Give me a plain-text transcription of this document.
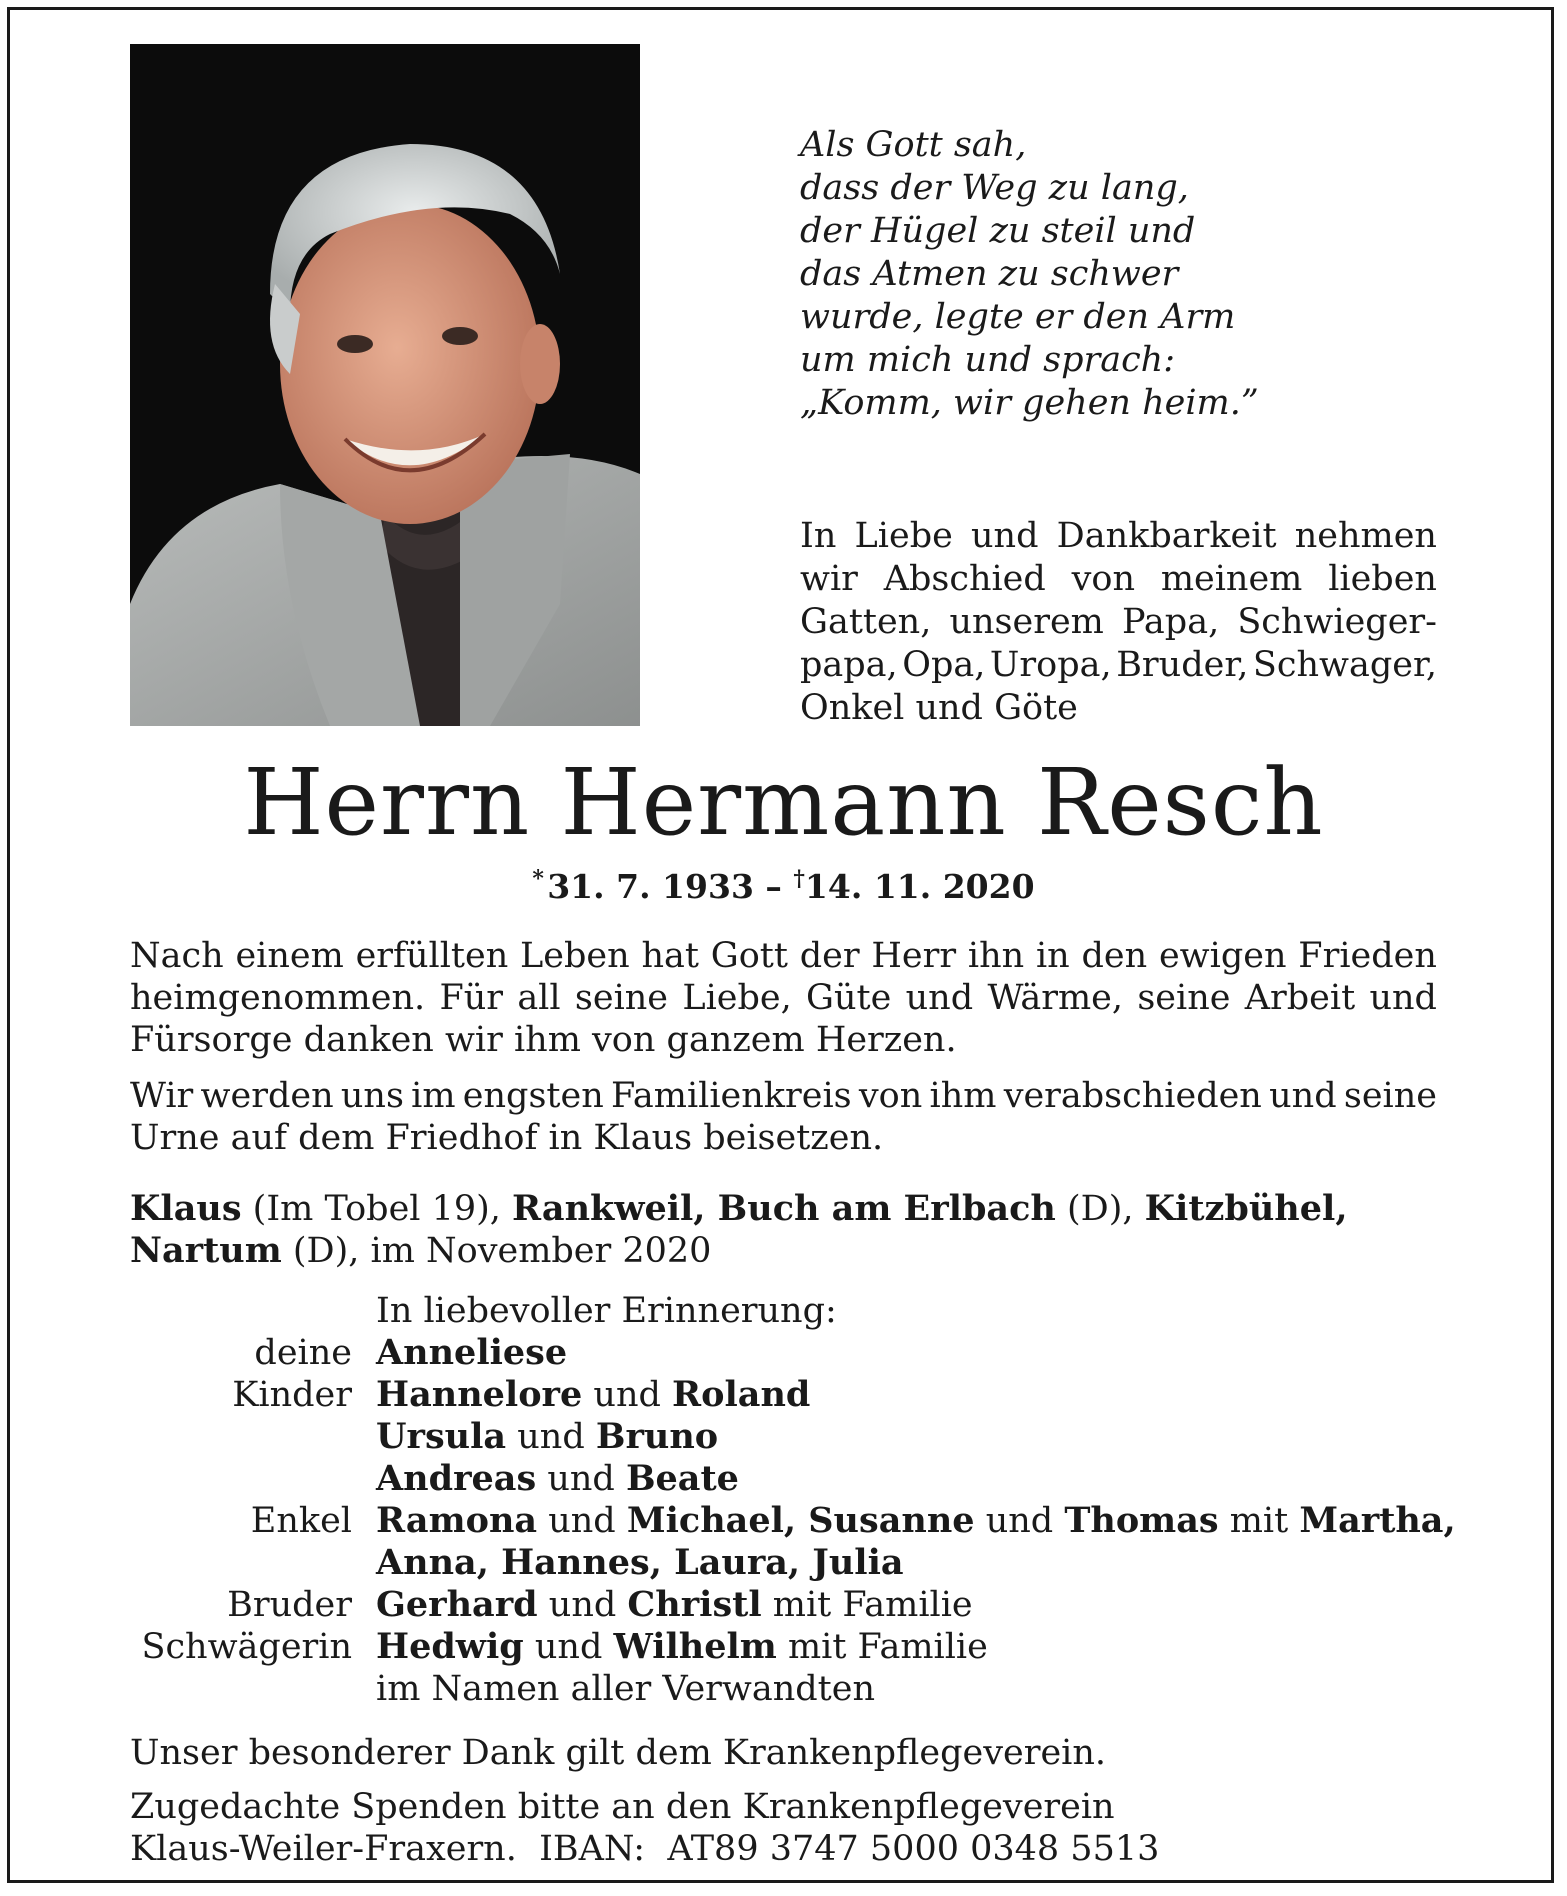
Als Gott sah,
dass der Weg zu lang,
der Hügel zu steil und
das Atmen zu schwer
wurde, legte er den Arm
um mich und sprach:
„Komm, wir gehen heim.”
In Liebe und Dankbarkeit nehmen
wir Abschied von meinem lieben
Gatten, unserem Papa, Schwieger-
papa, Opa, Uropa, Bruder, Schwager,
Onkel und Göte
Herrn Hermann Resch
* 31. 7. 1933 – †14. 11. 2020
Nach einem erfüllten Leben hat Gott der Herr ihn in den ewigen Frieden
heimgenommen. Für all seine Liebe, Güte und Wärme, seine Arbeit und
Fürsorge danken wir ihm von ganzem Herzen.
Wir werden uns im engsten Familienkreis von ihm verabschieden und seine
Urne auf dem Friedhof in Klaus beisetzen.
Klaus (Im Tobel 19), Rankweil, Buch am Erlbach (D), Kitzbühel,
Nartum (D), im November 2020
In liebevoller Erinnerung:
deine Anneliese
Kinder Hannelore und Roland
Ursula und Bruno
Andreas und Beate
Enkel Ramona und Michael, Susanne und Thomas mit Martha,
Anna, Hannes, Laura, Julia
Bruder Gerhard und Christl mit Familie
Schwägerin Hedwig und Wilhelm mit Familie
im Namen aller Verwandten
Unser besonderer Dank gilt dem Krankenpflegeverein.
Zugedachte Spenden bitte an den Krankenpflegeverein
Klaus-Weiler-Fraxern.  IBAN:  AT89 3747 5000 0348 5513
